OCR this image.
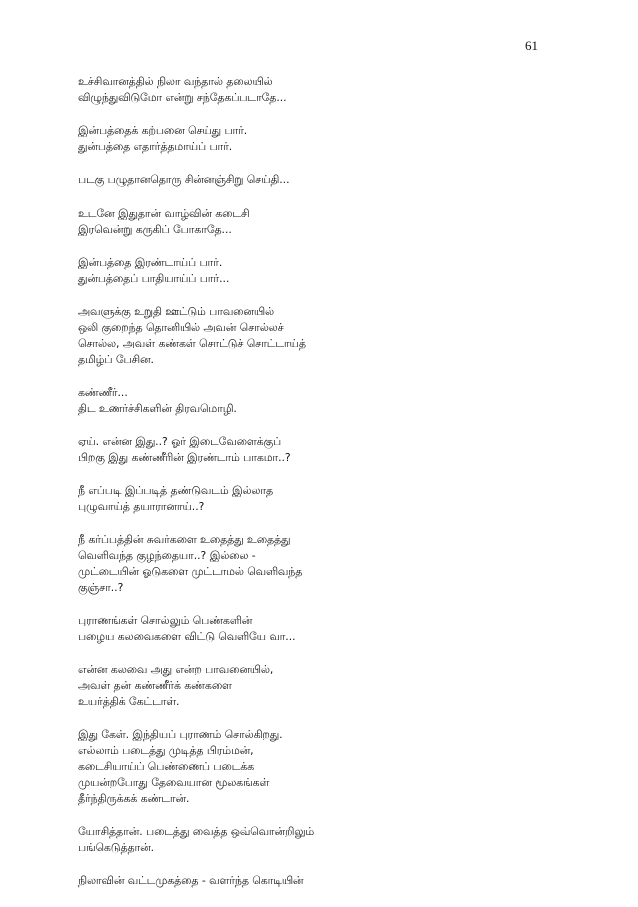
61
உச்சிவானத்தில் நிலா வந்தால் தலையில்
விழுந்துவிடுமோ என்று சந்தேகப்படாதே...
இன்பத்தைக் கற்பனை செய்து பார்.
துன்பத்தை எதார்த்தமாய்ப் பார்.
படகு பழுதானதொரு சின்னஞ்சிறு செய்தி...
உடனே இதுதான் வாழ்வின் கடைசி
இரவென்று கருகிப் போகாதே...
இன்பத்தை இரண்டாய்ப் பார்.
துன்பத்தைப் பாதியாய்ப் பார்...
அவளுக்கு உறுதி ஊட்டும் பாவனையில்
ஒலி குறைந்த தொனியில் அவன் சொல்லச்
சொல்ல, அவள் கண்கள் சொட்டுச் சொட்டாய்த்
தமிழ்ப் பேசின.
கண்ணீர்...
திட உணர்ச்சிகளின் திரவமொழி.
ஏய். என்ன இது..? ஓர் இடைவேளைக்குப்
பிறகு இது கண்ணீரின் இரண்டாம் பாகமா..?
நீ எப்படி இப்படித் தண்டுவடம் இல்லாத
புழுவாய்த் தயாரானாய்..?
நீ கர்ப்பத்தின் சுவர்களை உதைத்து உதைத்து
வெளிவந்த குழந்தையா..? இல்லை -
முட்டையின் ஓடுகளை முட்டாமல் வெளிவந்த
குஞ்சா..?
புராணங்கள் சொல்லும் பெண்களின்
பழைய கலவைகளை விட்டு வெளியே வா...
என்ன கலவை அது என்ற பாவனையில்,
அவள் தன் கண்ணீர்க் கண்களை
உயர்த்திக் கேட்டாள்.
இது கேள். இந்தியப் புராணம் சொல்கிறது.
எல்லாம் படைத்து முடித்த பிரம்மன்,
கடைசியாய்ப் பெண்ணைப் படைக்க
முயன்றபோது தேவையான மூலகங்கள்
தீர்ந்திருக்கக் கண்டான்.
யோசித்தான். படைத்து வைத்த ஒவ்வொன்றிலும்
பங்கெடுத்தான்.
நிலாவின் வட்டமுகத்தை - வளர்ந்த கொடியின்
